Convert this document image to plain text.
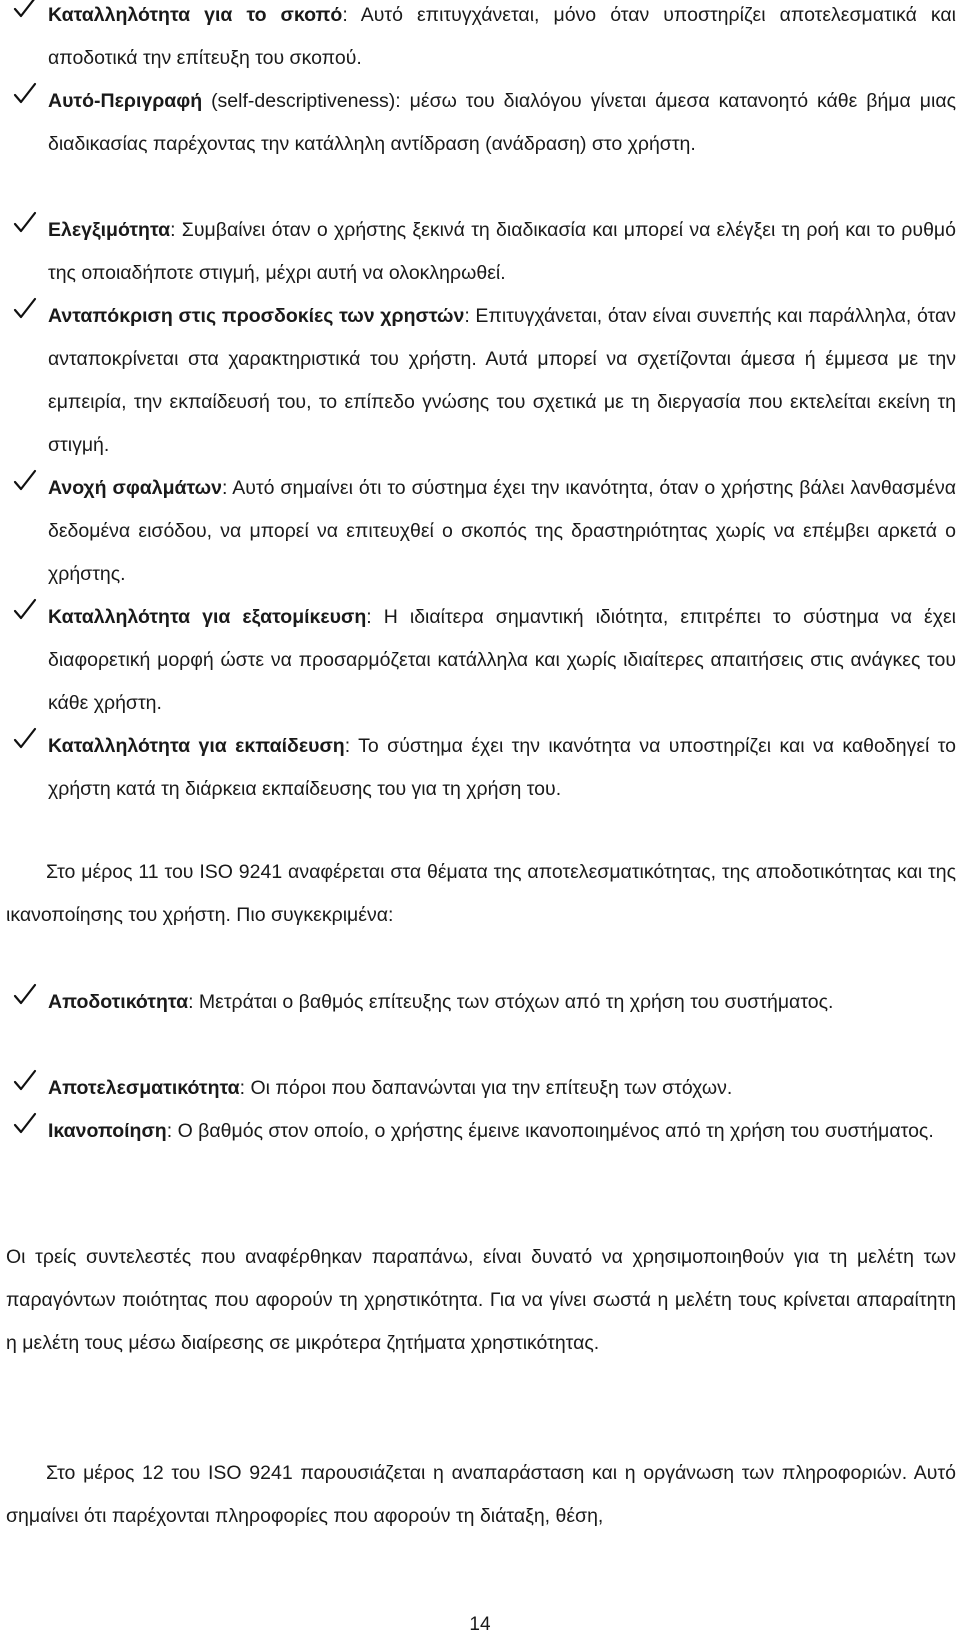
Καταλληλότητα για το σκοπό: Αυτό επιτυγχάνεται, μόνο όταν υποστηρίζει αποτελεσματικά και αποδοτικά την επίτευξη του σκοπού.

Αυτό-Περιγραφή (self-descriptiveness): μέσω του διαλόγου γίνεται άμεσα κατανοητό κάθε βήμα μιας διαδικασίας παρέχοντας την κατάλληλη αντίδραση (ανάδραση) στο χρήστη.

Ελεγξιμότητα: Συμβαίνει όταν ο χρήστης ξεκινά τη διαδικασία και μπορεί να ελέγξει τη ροή και το ρυθμό της οποιαδήποτε στιγμή, μέχρι αυτή να ολοκληρωθεί.

Ανταπόκριση στις προσδοκίες των χρηστών: Επιτυγχάνεται, όταν είναι συνεπής και παράλληλα, όταν ανταποκρίνεται στα χαρακτηριστικά του χρήστη. Αυτά μπορεί να σχετίζονται άμεσα ή έμμεσα με την εμπειρία, την εκπαίδευσή του, το επίπεδο γνώσης του σχετικά με τη διεργασία που εκτελείται εκείνη τη στιγμή.

Ανοχή σφαλμάτων: Αυτό σημαίνει ότι το σύστημα έχει την ικανότητα, όταν ο χρήστης βάλει λανθασμένα δεδομένα εισόδου, να μπορεί να επιτευχθεί ο σκοπός της δραστηριότητας χωρίς να επέμβει αρκετά ο χρήστης.

Καταλληλότητα για εξατομίκευση: Η ιδιαίτερα σημαντική ιδιότητα, επιτρέπει το σύστημα να έχει διαφορετική μορφή ώστε να προσαρμόζεται κατάλληλα και χωρίς ιδιαίτερες απαιτήσεις στις ανάγκες του κάθε χρήστη.

Καταλληλότητα για εκπαίδευση: Το σύστημα έχει την ικανότητα να υποστηρίζει και να καθοδηγεί το χρήστη κατά τη διάρκεια εκπαίδευσης του για τη χρήση του.

Στο μέρος 11 του ISO 9241 αναφέρεται στα θέματα της αποτελεσματικότητας, της αποδοτικότητας και της ικανοποίησης του χρήστη. Πιο συγκεκριμένα:

Αποδοτικότητα: Μετράται ο βαθμός επίτευξης των στόχων από τη χρήση του συστήματος.

Αποτελεσματικότητα: Οι πόροι που δαπανώνται για την επίτευξη των στόχων.

Ικανοποίηση: Ο βαθμός στον οποίο, ο χρήστης έμεινε ικανοποιημένος από τη χρήση του συστήματος.

Οι τρείς συντελεστές που αναφέρθηκαν παραπάνω, είναι δυνατό να χρησιμοποιηθούν για τη μελέτη των παραγόντων ποιότητας που αφορούν τη χρηστικότητα. Για να γίνει σωστά η μελέτη τους κρίνεται απαραίτητη η μελέτη τους μέσω διαίρεσης σε μικρότερα ζητήματα χρηστικότητας.

Στο μέρος 12 του ISO 9241 παρουσιάζεται η αναπαράσταση και η οργάνωση των πληροφοριών. Αυτό σημαίνει ότι παρέχονται πληροφορίες που αφορούν τη διάταξη, θέση,

14
